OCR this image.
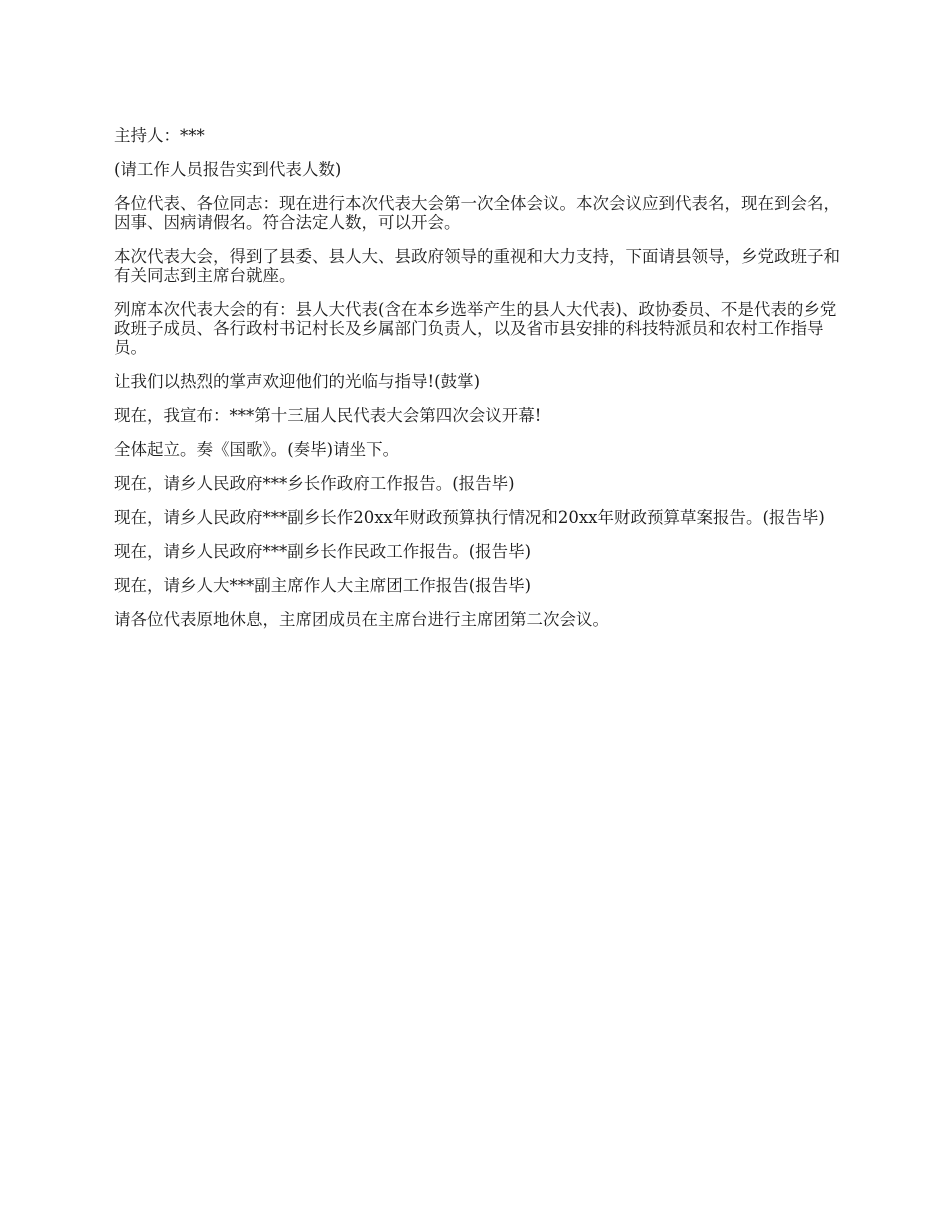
主持人：***

(请工作人员报告实到代表人数)

各位代表、各位同志：现在进行本次代表大会第一次全体会议。本次会议应到代表名，现在到会名，因事、因病请假名。符合法定人数，可以开会。

本次代表大会，得到了县委、县人大、县政府领导的重视和大力支持，下面请县领导，乡党政班子和有关同志到主席台就座。

列席本次代表大会的有：县人大代表(含在本乡选举产生的县人大代表)、政协委员、不是代表的乡党政班子成员、各行政村书记村长及乡属部门负责人，以及省市县安排的科技特派员和农村工作指导员。

让我们以热烈的掌声欢迎他们的光临与指导!(鼓掌)

现在，我宣布：***第十三届人民代表大会第四次会议开幕!

全体起立。奏《国歌》。(奏毕)请坐下。

现在，请乡人民政府***乡长作政府工作报告。(报告毕)

现在，请乡人民政府***副乡长作20xx年财政预算执行情况和20xx年财政预算草案报告。(报告毕)

现在，请乡人民政府***副乡长作民政工作报告。(报告毕)

现在，请乡人大***副主席作人大主席团工作报告(报告毕)

请各位代表原地休息，主席团成员在主席台进行主席团第二次会议。
